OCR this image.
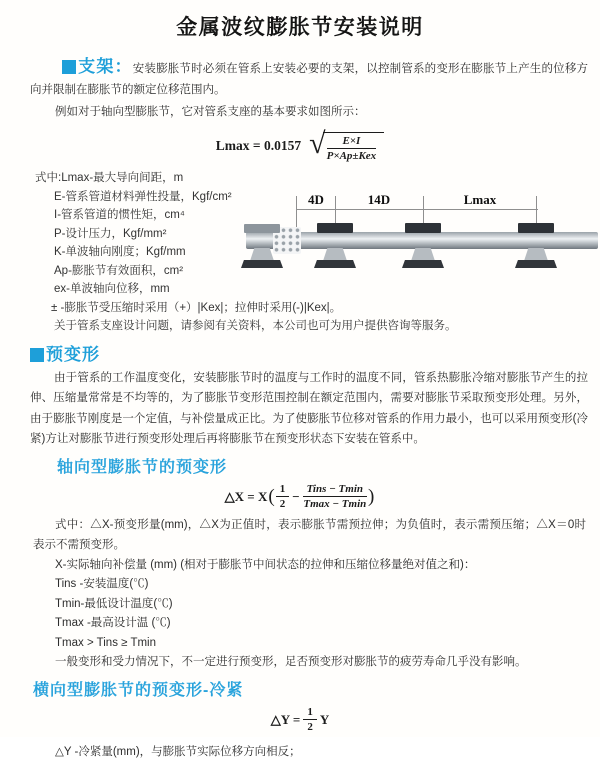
金属波纹膨胀节安装说明

支架：安装膨胀节时必须在管系上安装必要的支架，以控制管系的变形在膨胀节上产生的位移方向并限制在膨胀节的额定位移范围内。

例如对于轴向型膨胀节，它对管系支座的基本要求如图所示：

Lmax = 0.0157 √ $\frac{E\times I}{\text{P×Ap±Kex}}$
式中:Lmax-最大导向间距，m
E-管系管道材料弹性投量，Kgf/cm²
I-管系管道的惯性矩，cm⁴
P-设计压力，Kgf/mm²
K-单波轴向刚度；Kgf/mm
Ap-膨胀节有效面积，cm²
ex-单波轴向位移，mm
± -膨胀节受压缩时采用（+）|Kex|；拉伸时采用(-)|Kex|。
关于管系支座设计问题，请参阅有关资料，本公司也可为用户提供咨询等服务。
4D	14D	Lmax
预变形

由于管系的工作温度变化，安装膨胀节时的温度与工作时的温度不同，管系热膨胀冷缩对膨胀节产生的拉伸、压缩量常常是不均等的，为了膨胀节变形范围控制在额定范围内，需要对膨胀节采取预变形处理。另外，由于膨胀节刚度是一个定值，与补偿量成正比。为了使膨胀节位移对管系的作用力最小，也可以采用预变形(冷紧)方让对膨胀节进行预变形处理后再将膨胀节在预变形状态下安装在管系中。

轴向型膨胀节的预变形
△X = X ( $\frac{1}{2} - \frac{\text{Tins − Tmin}}{Tmax - Tmin}$ )

式中：△X-预变形量(mm)，△X为正值时，表示膨胀节需预拉伸；为负值时，表示需预压缩；△X＝0时表示不需预变形。

X-实际轴向补偿量 (mm) (相对于膨胀节中间状态的拉伸和压缩位移量绝对值之和)：
Tins -安装温度(℃)
Tmin-最低设计温度(℃)
Tmax -最高设计温 (℃)
Tmax > Tins ≥ Tmin
一般变形和受力情况下，不一定进行预变形，足否预变形对膨胀节的疲劳寿命几乎没有影响。
横向型膨胀节的预变形-冷紧
△Y = $\frac{1}{2}$ Y
△Y -冷紧量(mm)，与膨胀节实际位移方向相反；
